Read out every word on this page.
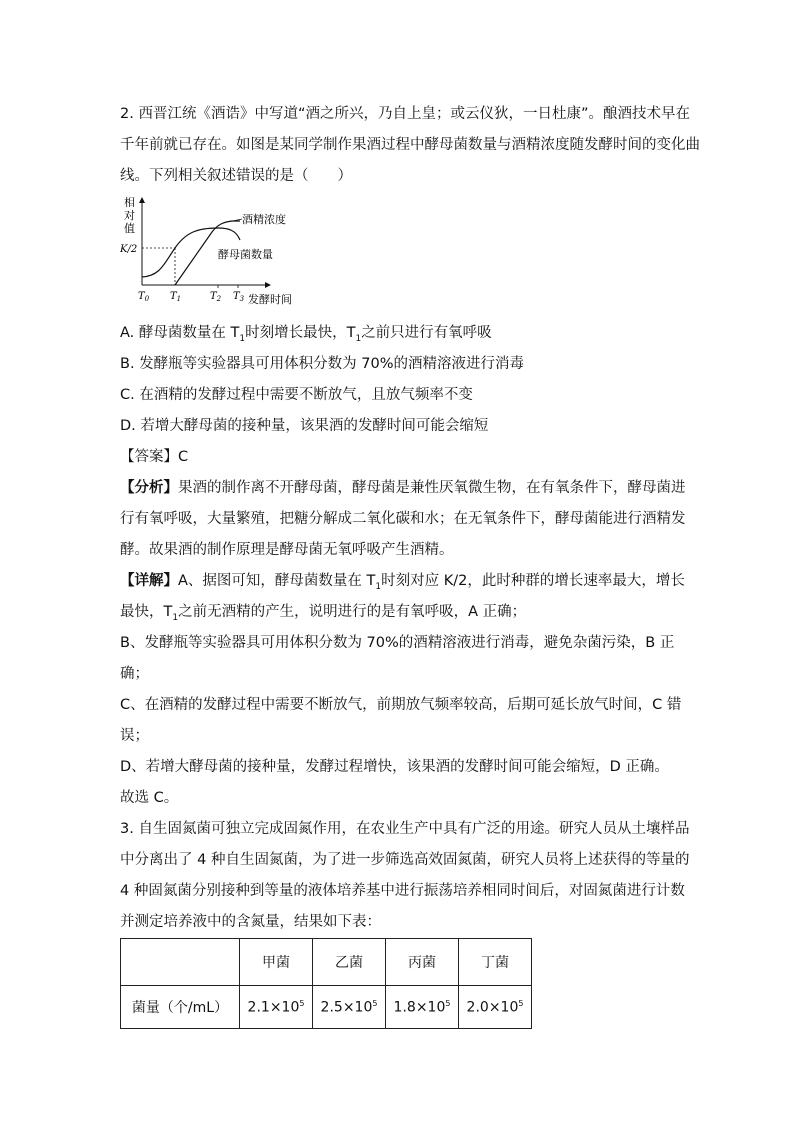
2. 西晋江统《酒诰》中写道“酒之所兴，乃自上皇；或云仪狄，一日杜康”。酿酒技术早在
千年前就已存在。如图是某同学制作果酒过程中酵母菌数量与酒精浓度随发酵时间的变化曲
线。下列相关叙述错误的是（　　）
相
对
值
K/2
酒精浓度
酵母菌数量
$T_0$ $T_1$	$T_2$ $T_3$ 发酵时间
A. 酵母菌数量在 $T_1$时刻增长最快，$T_1$之前只进行有氧呼吸
B. 发酵瓶等实验器具可用体积分数为 70%的酒精溶液进行消毒
C. 在酒精的发酵过程中需要不断放气，且放气频率不变
D. 若增大酵母菌的接种量，该果酒的发酵时间可能会缩短
【答案】C
【分析】果酒的制作离不开酵母菌，酵母菌是兼性厌氧微生物，在有氧条件下，酵母菌进
行有氧呼吸，大量繁殖，把糖分解成二氧化碳和水；在无氧条件下，酵母菌能进行酒精发
酵。故果酒的制作原理是酵母菌无氧呼吸产生酒精。
【详解】A、据图可知，酵母菌数量在 $T_1$时刻对应 K/2，此时种群的增长速率最大，增长
最快，$T_1$之前无酒精的产生，说明进行的是有氧呼吸，A 正确；
B、发酵瓶等实验器具可用体积分数为 70%的酒精溶液进行消毒，避免杂菌污染，B 正
确；
C、在酒精的发酵过程中需要不断放气，前期放气频率较高，后期可延长放气时间，C 错
误；
D、若增大酵母菌的接种量，发酵过程增快，该果酒的发酵时间可能会缩短，D 正确。
故选 C。
3. 自生固氮菌可独立完成固氮作用，在农业生产中具有广泛的用途。研究人员从土壤样品
中分离出了 4 种自生固氮菌，为了进一步筛选高效固氮菌，研究人员将上述获得的等量的
4 种固氮菌分别接种到等量的液体培养基中进行振荡培养相同时间后，对固氮菌进行计数
并测定培养液中的含氮量，结果如下表：
	甲菌	乙菌	丙菌	丁菌
菌量（个/mL）	$2.1\times 10^5$	$2.5\times 10^5$	$1.8\times 10^5$	$2.0\times 10^5$
